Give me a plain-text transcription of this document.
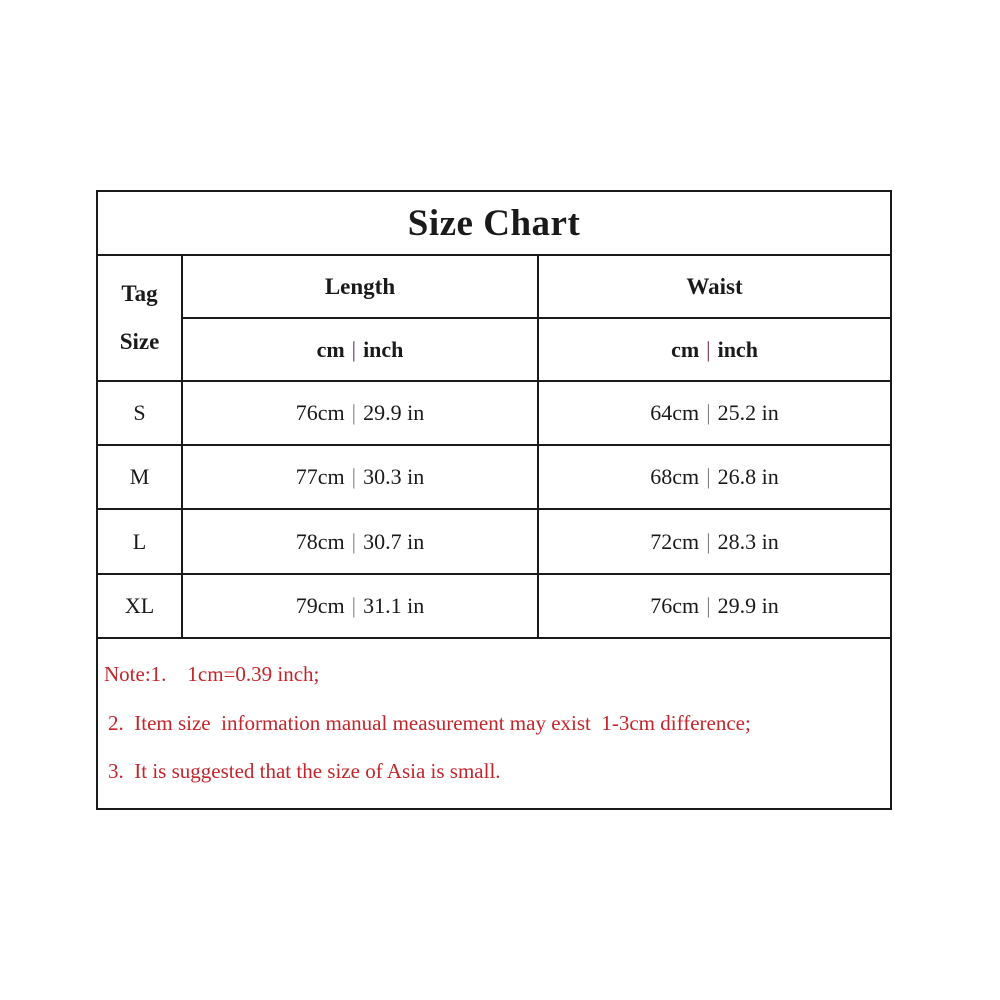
Size Chart		

Tag
Size	Length	Waist
	cm | inch	cm | inch
S	76cm | 29.9 in	64cm | 25.2 in
M	77cm | 30.3 in	68cm | 26.8 in
L	78cm | 30.7 in	72cm | 28.3 in
XL	79cm | 31.1 in	76cm | 29.9 in

Note:1.    1cm=0.39 inch;
2.  Item size  information manual measurement may exist  1-3cm difference;
3.  It is suggested that the size of Asia is small.		
